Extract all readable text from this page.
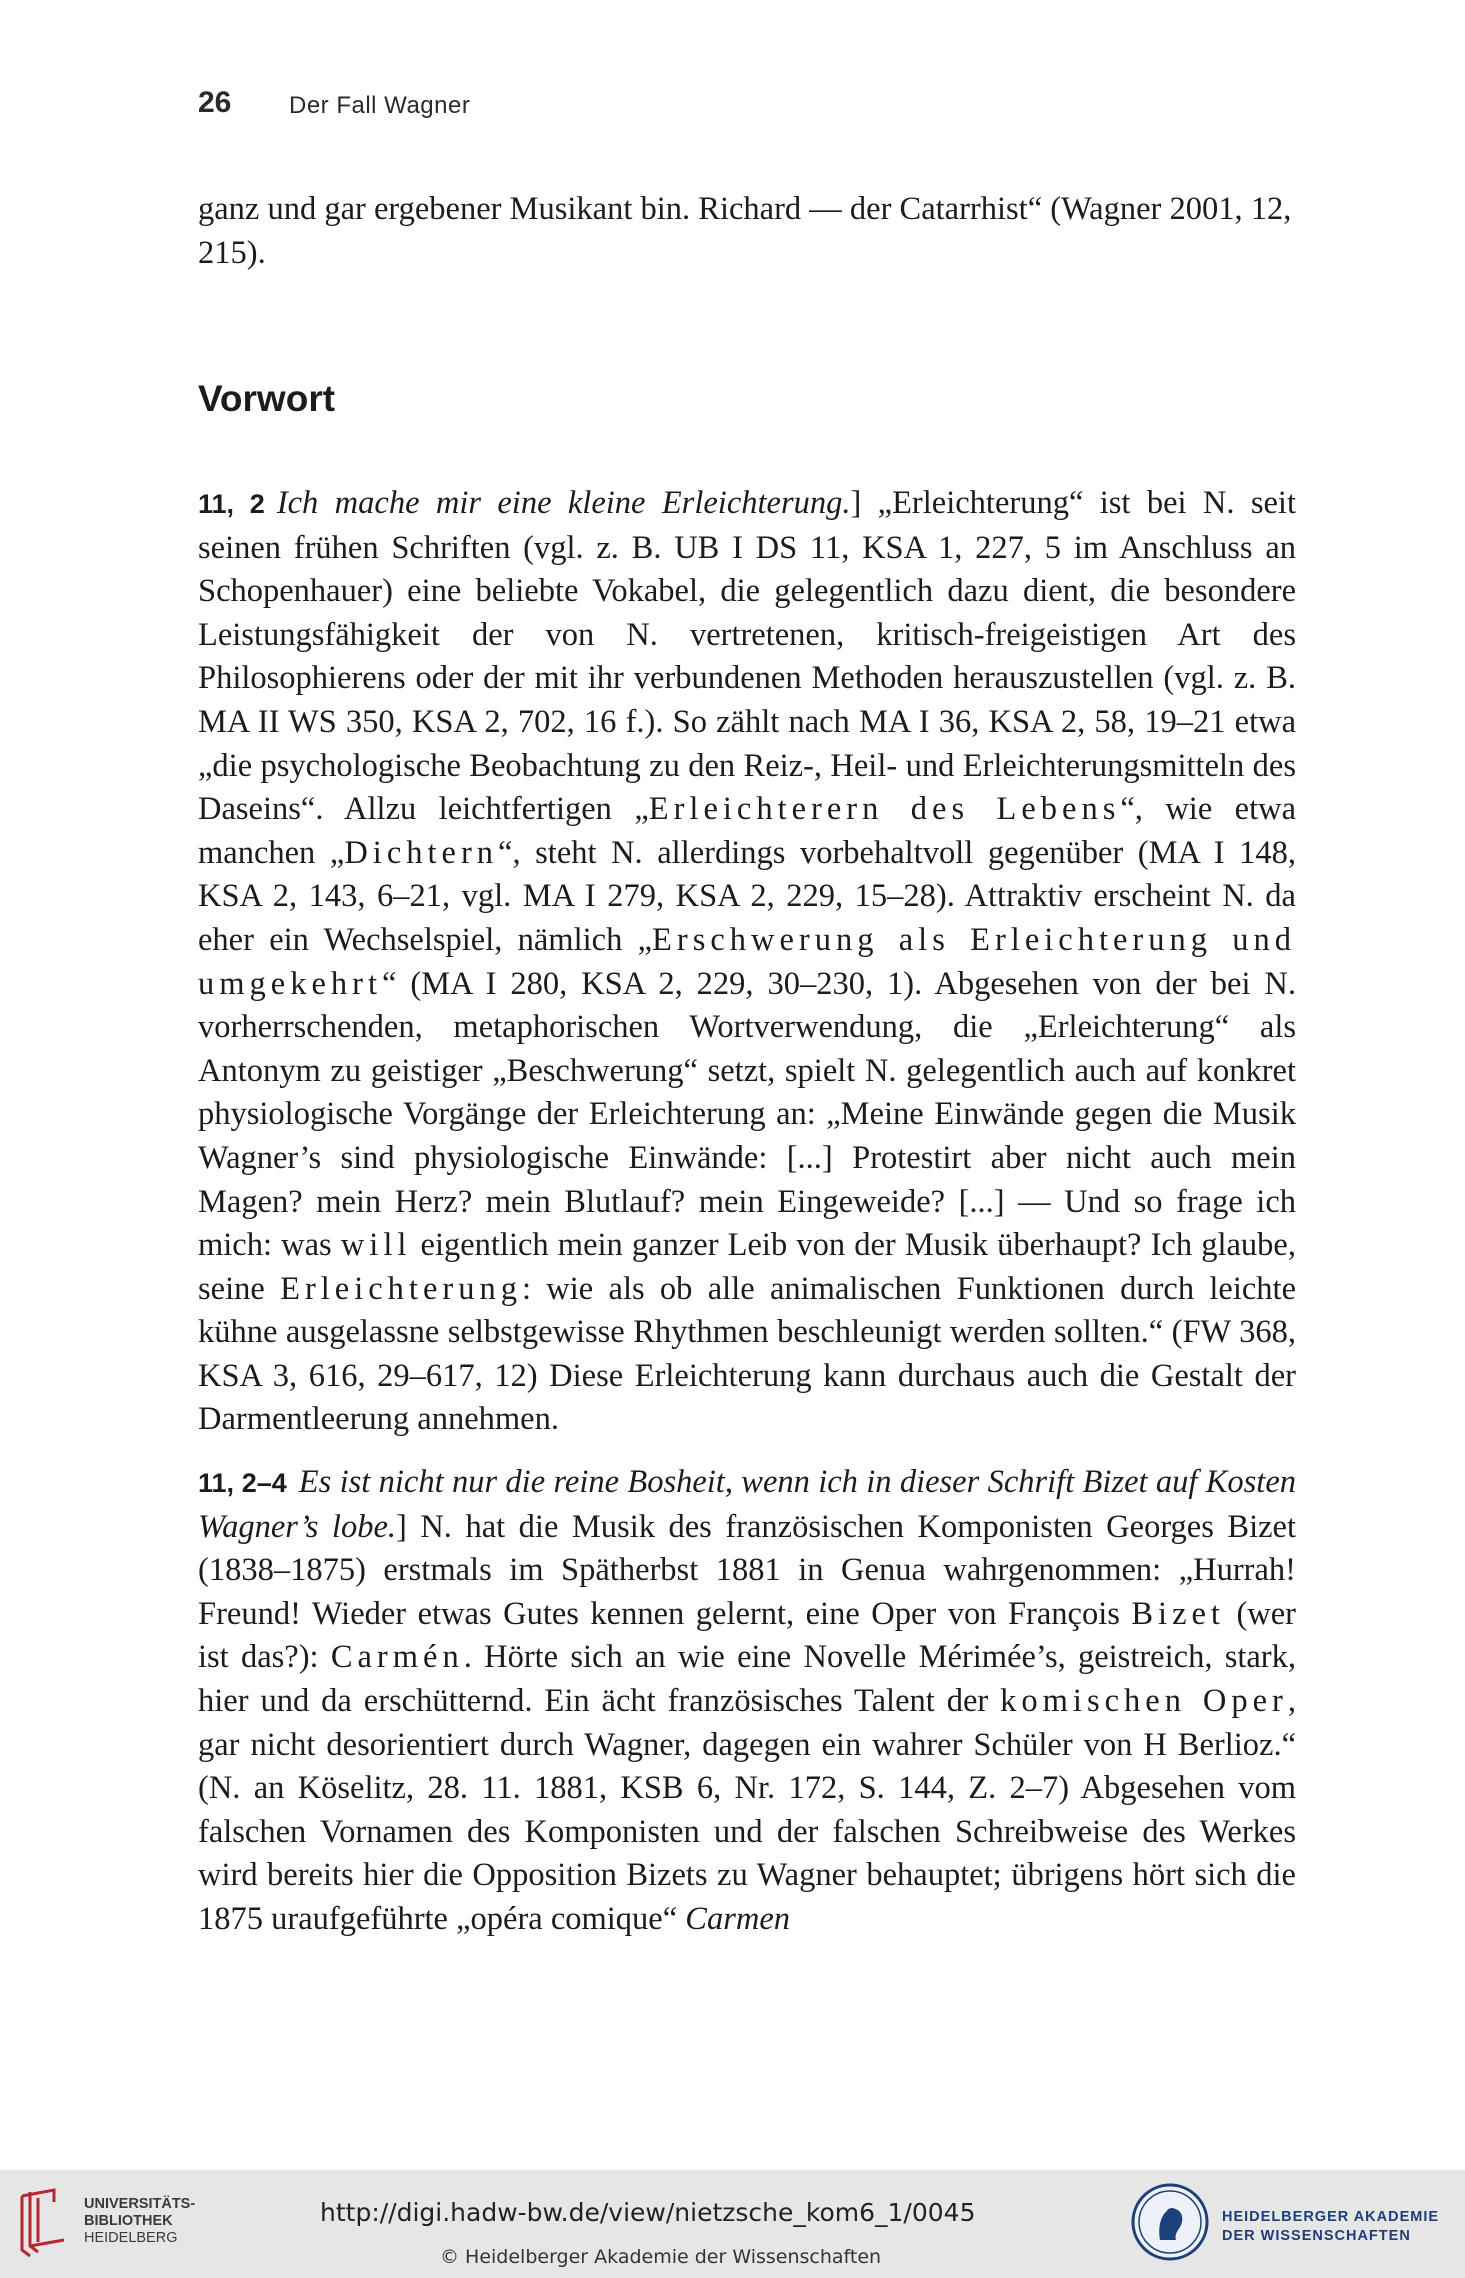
26 Der Fall Wagner
ganz und gar ergebener Musikant bin. Richard — der Catarrhist“ (Wagner 2001, 12, 215).
Vorwort
11, 2 Ich mache mir eine kleine Erleichterung.] „Erleichterung“ ist bei N. seit seinen frühen Schriften (vgl. z. B. UB I DS 11, KSA 1, 227, 5 im Anschluss an Schopenhauer) eine beliebte Vokabel, die gelegentlich dazu dient, die besondere Leistungsfähigkeit der von N. vertretenen, kritisch-freigeistigen Art des Philosophierens oder der mit ihr verbundenen Methoden herauszustellen (vgl. z. B. MA II WS 350, KSA 2, 702, 16 f.). So zählt nach MA I 36, KSA 2, 58, 19–21 etwa „die psychologische Beobachtung zu den Reiz-, Heil- und Erleichterungsmitteln des Daseins“. Allzu leichtfertigen „Erleichterern des Lebens“, wie etwa manchen „Dichtern“, steht N. allerdings vorbehaltvoll gegenüber (MA I 148, KSA 2, 143, 6–21, vgl. MA I 279, KSA 2, 229, 15–28). Attraktiv erscheint N. da eher ein Wechselspiel, nämlich „Erschwerung als Erleichterung und umgekehrt“ (MA I 280, KSA 2, 229, 30–230, 1). Abgesehen von der bei N. vorherrschenden, metaphorischen Wortverwendung, die „Erleichterung“ als Antonym zu geistiger „Beschwerung“ setzt, spielt N. gelegentlich auch auf konkret physiologische Vorgänge der Erleichterung an: „Meine Einwände gegen die Musik Wagner’s sind physiologische Einwände: [...] Protestirt aber nicht auch mein Magen? mein Herz? mein Blutlauf? mein Eingeweide? [...] — Und so frage ich mich: was will eigentlich mein ganzer Leib von der Musik überhaupt? Ich glaube, seine Erleichterung: wie als ob alle animalischen Funktionen durch leichte kühne ausgelassne selbstgewisse Rhythmen beschleunigt werden sollten.“ (FW 368, KSA 3, 616, 29–617, 12) Diese Erleichterung kann durchaus auch die Gestalt der Darmentleerung annehmen.
11, 2–4 Es ist nicht nur die reine Bosheit, wenn ich in dieser Schrift Bizet auf Kosten Wagner’s lobe.] N. hat die Musik des französischen Komponisten Georges Bizet (1838–1875) erstmals im Spätherbst 1881 in Genua wahrgenommen: „Hurrah! Freund! Wieder etwas Gutes kennen gelernt, eine Oper von François Bizet (wer ist das?): Carmén. Hörte sich an wie eine Novelle Mérimée’s, geistreich, stark, hier und da erschütternd. Ein ächt französisches Talent der komischen Oper, gar nicht desorientiert durch Wagner, dagegen ein wahrer Schüler von H Berlioz.“ (N. an Köselitz, 28. 11. 1881, KSB 6, Nr. 172, S. 144, Z. 2–7) Abgesehen vom falschen Vornamen des Komponisten und der falschen Schreibweise des Werkes wird bereits hier die Opposition Bizets zu Wagner behauptet; übrigens hört sich die 1875 uraufgeführte „opéra comique“ Carmen
UNIVERSITÄTS-
BIBLIOTHEK
HEIDELBERG
http://digi.hadw-bw.de/view/nietzsche_kom6_1/0045
© Heidelberger Akademie der Wissenschaften
HEIDELBERGER AKADEMIE
DER WISSENSCHAFTEN
